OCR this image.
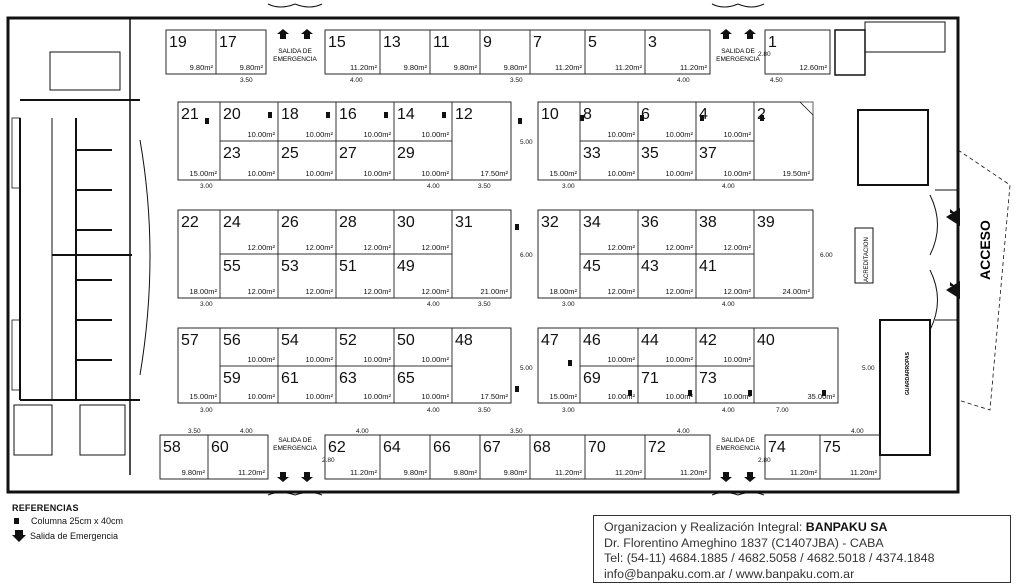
19
9.80m²
17
9.80m²
15
11.20m²
13
9.80m²
11
9.80m²
9
9.80m²
7
11.20m²
5
11.20m²
3
11.20m²
1
12.60m²
21
15.00m²
20
10.00m²
18
10.00m²
16
10.00m²
14
10.00m²
12
17.50m²
23
10.00m²
25
10.00m²
27
10.00m²
29
10.00m²
10
15.00m²
8
10.00m²
6
10.00m²
4
10.00m²
2
19.50m²
33
10.00m²
35
10.00m²
37
10.00m²
22
18.00m²
24
12.00m²
26
12.00m²
28
12.00m²
30
12.00m²
31
21.00m²
55
12.00m²
53
12.00m²
51
12.00m²
49
12.00m²
32
18.00m²
34
12.00m²
36
12.00m²
38
12.00m²
39
24.00m²
45
12.00m²
43
12.00m²
41
12.00m²
57
15.00m²
56
10.00m²
54
10.00m²
52
10.00m²
50
10.00m²
48
17.50m²
59
10.00m²
61
10.00m²
63
10.00m²
65
10.00m²
47
15.00m²
46
10.00m²
44
10.00m²
42
10.00m²
40
35.00m²
69
10.00m²
71
10.00m²
73
10.00m²
58
9.80m²
60
11.20m²
62
11.20m²
64
9.80m²
66
9.80m²
67
9.80m²
68
11.20m²
70
11.20m²
72
11.20m²
74
11.20m²
75
11.20m²
3.50	4.00	3.50	4.00	4.50
2.80
5.00
3.00	4.00	3.50	3.00	4.00
6.00
3.00	4.00	3.50	3.00	4.00
6.00
5.00
3.00	4.00	3.50	3.00	4.00	7.00
5.00
3.50	4.00	4.00	3.50	4.00	4.00
2.80	2.80
SALIDA DE
EMERGENCIA
SALIDA DE
EMERGENCIA
SALIDA DE
EMERGENCIA
SALIDA DE
EMERGENCIA
ACCESO
ACREDITACION
GUARDARROPAS
REFERENCIAS
Columna 25cm x 40cm
Salida de Emergencia
Organizacion y Realización Integral: BANPAKU SA
Dr. Florentino Ameghino 1837 (C1407JBA) - CABA
Tel: (54-11) 4684.1885 / 4682.5058 / 4682.5018 / 4374.1848
info@banpaku.com.ar / www.banpaku.com.ar
